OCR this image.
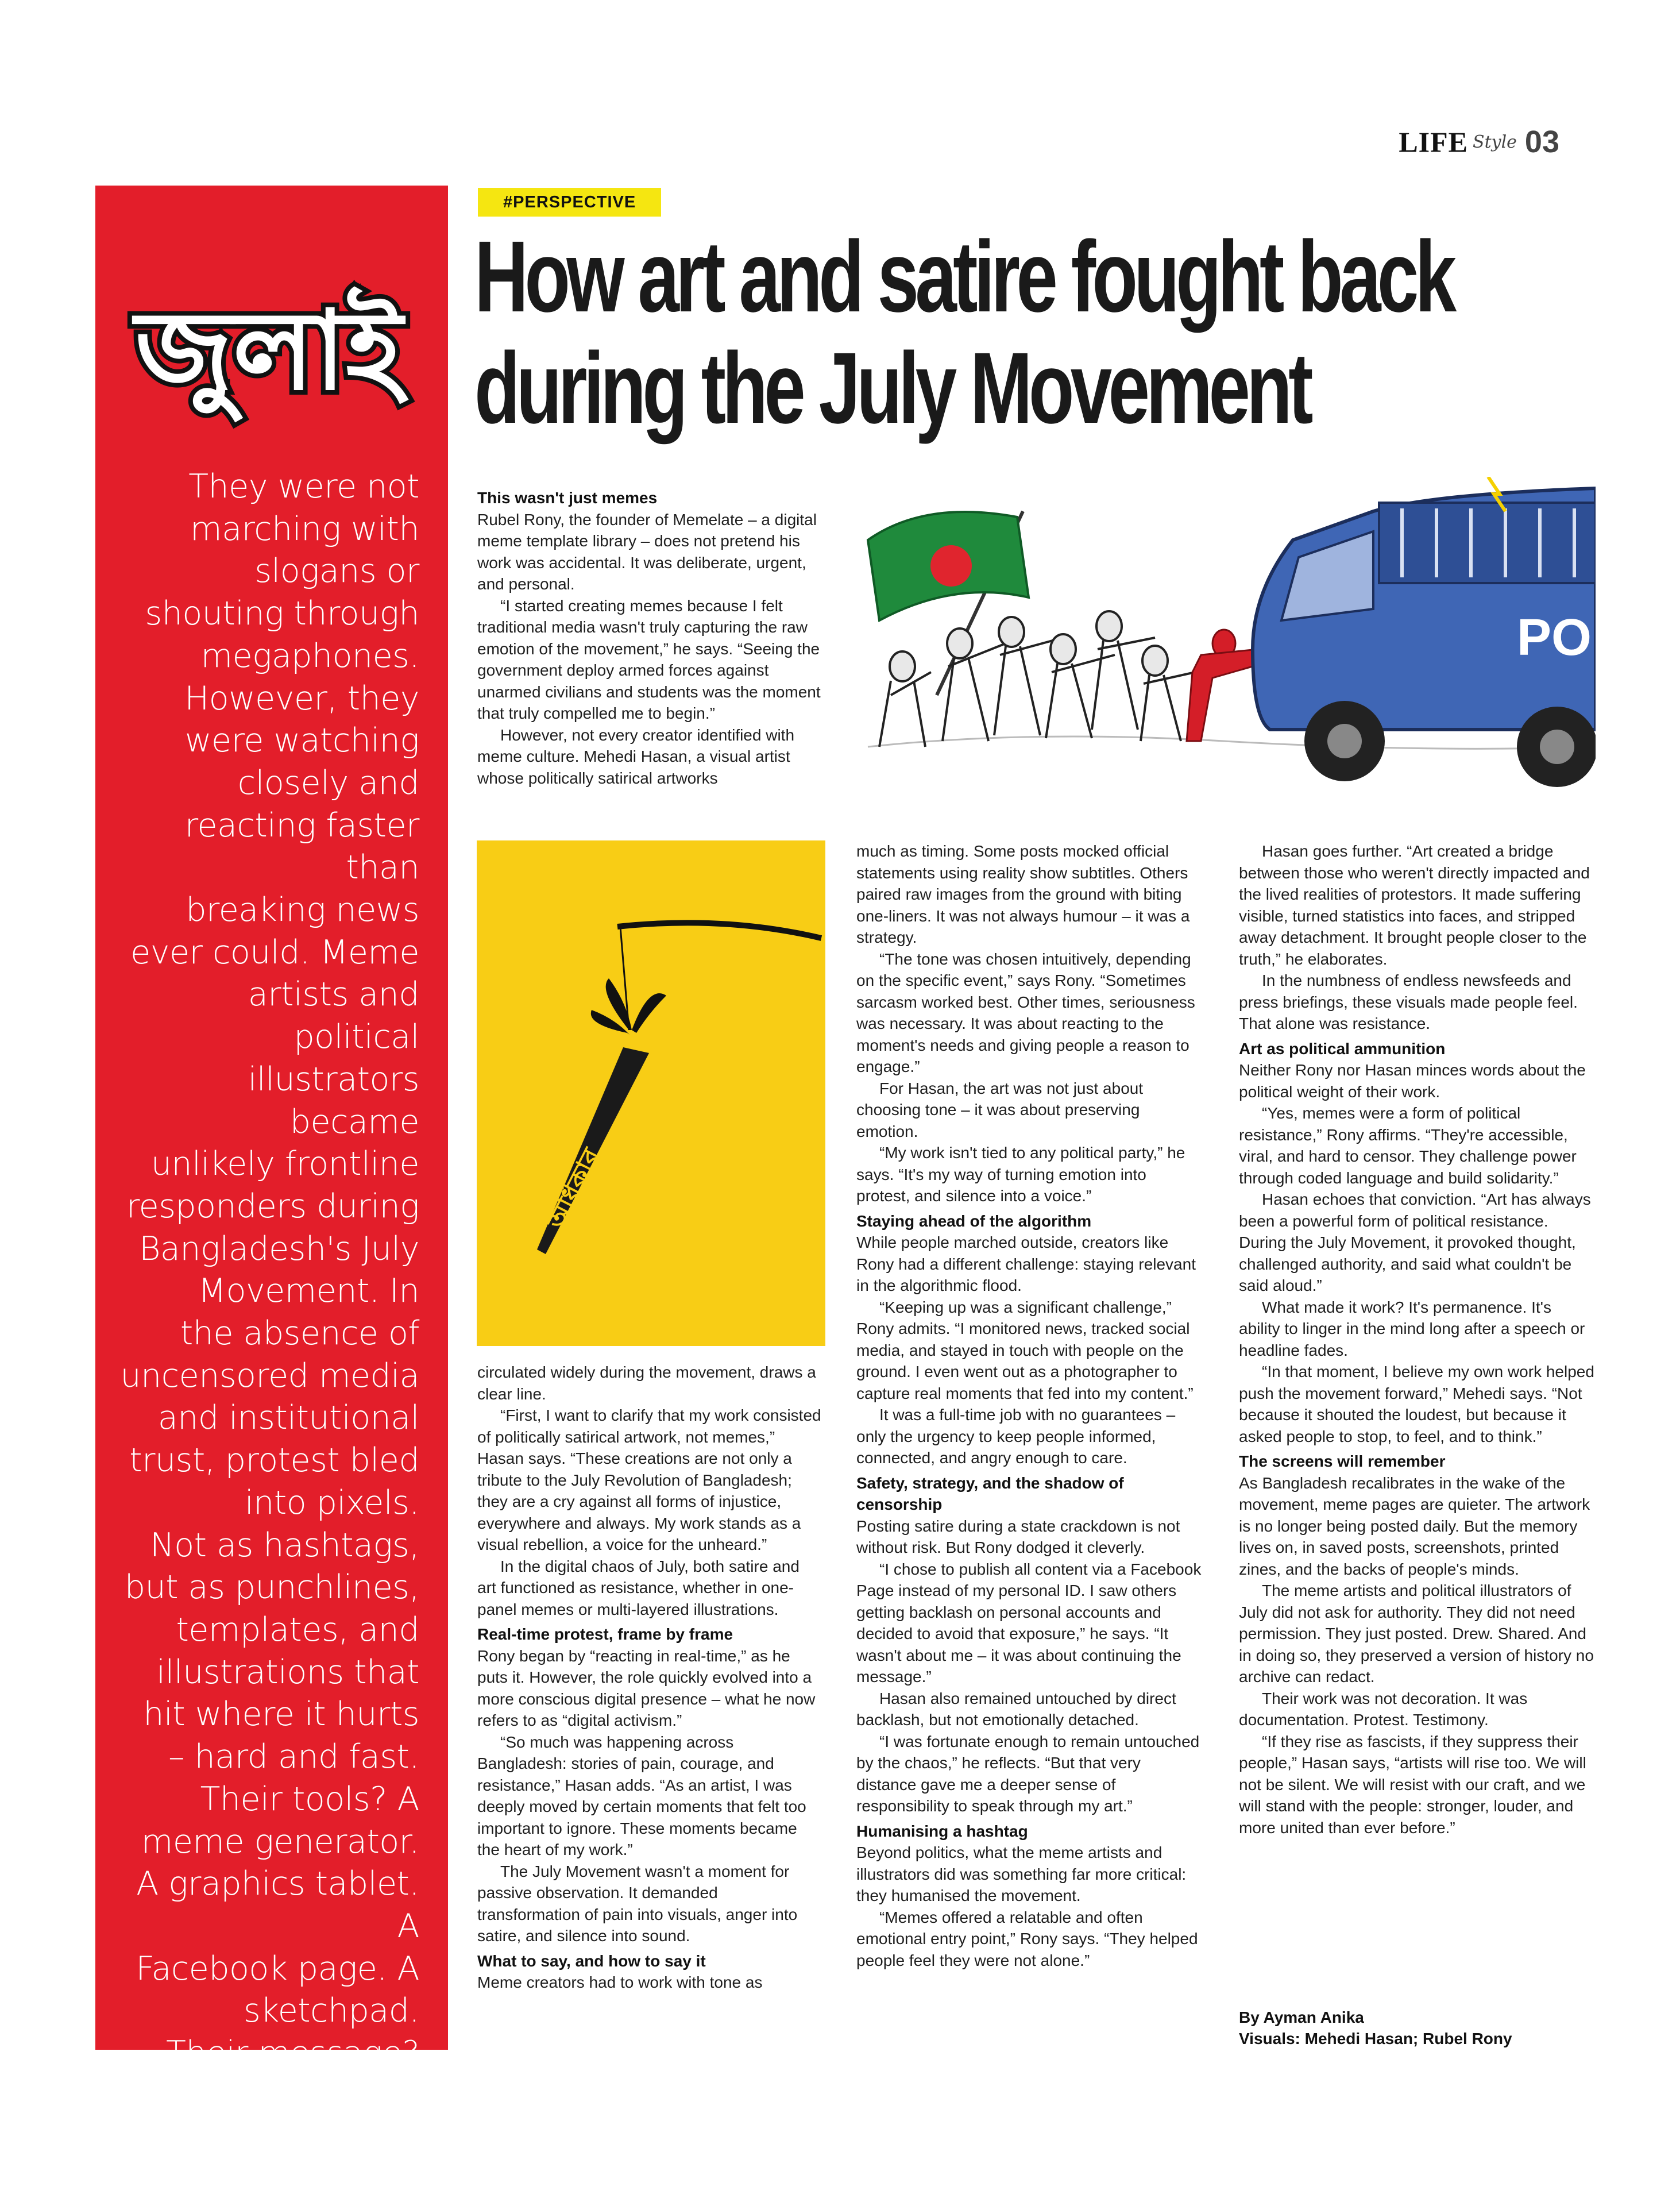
LIFE Style 03
জুলাই
They were not
marching with
slogans or
shouting through
megaphones.
However, they
were watching
closely and
reacting faster than
breaking news
ever could. Meme
artists and political
illustrators became
unlikely frontline
responders during
Bangladesh's July
Movement. In
the absence of
uncensored media
and institutional
trust, protest bled
into pixels.
Not as hashtags,
but as punchlines,
templates, and
illustrations that
hit where it hurts
– hard and fast.
Their tools? A
meme generator.
A graphics tablet. A
Facebook page. A
sketchpad.
Their message?
We see you. And
we're not laughing
with you.
#PERSPECTIVE
How art and satire fought back
during the July Movement
PO
অধিকার
This wasn't just memes

Rubel Rony, the founder of Memelate – a digital meme template library – does not pretend his work was accidental. It was deliberate, urgent, and personal.

“I started creating memes because I felt traditional media wasn't truly capturing the raw emotion of the movement,” he says. “Seeing the government deploy armed forces against unarmed civilians and students was the moment that truly compelled me to begin.”

However, not every creator identified with meme culture. Mehedi Hasan, a visual artist whose politically satirical artworks

circulated widely during the movement, draws a clear line.

“First, I want to clarify that my work consisted of politically satirical artwork, not memes,” Hasan says. “These creations are not only a tribute to the July Revolution of Bangladesh; they are a cry against all forms of injustice, everywhere and always. My work stands as a visual rebellion, a voice for the unheard.”

In the digital chaos of July, both satire and art functioned as resistance, whether in one-panel memes or multi-layered illustrations.

Real-time protest, frame by frame

Rony began by “reacting in real-time,” as he puts it. However, the role quickly evolved into a more conscious digital presence – what he now refers to as “digital activism.”

“So much was happening across Bangladesh: stories of pain, courage, and resistance,” Hasan adds. “As an artist, I was deeply moved by certain moments that felt too important to ignore. These moments became the heart of my work.”

The July Movement wasn't a moment for passive observation. It demanded transformation of pain into visuals, anger into satire, and silence into sound.

What to say, and how to say it

Meme creators had to work with tone as

much as timing. Some posts mocked official statements using reality show subtitles. Others paired raw images from the ground with biting one-liners. It was not always humour – it was a strategy.

“The tone was chosen intuitively, depending on the specific event,” says Rony. “Sometimes sarcasm worked best. Other times, seriousness was necessary. It was about reacting to the moment's needs and giving people a reason to engage.”

For Hasan, the art was not just about choosing tone – it was about preserving emotion.

“My work isn't tied to any political party,” he says. “It's my way of turning emotion into protest, and silence into a voice.”

Staying ahead of the algorithm

While people marched outside, creators like Rony had a different challenge: staying relevant in the algorithmic flood.

“Keeping up was a significant challenge,” Rony admits. “I monitored news, tracked social media, and stayed in touch with people on the ground. I even went out as a photographer to capture real moments that fed into my content.”

It was a full-time job with no guarantees – only the urgency to keep people informed, connected, and angry enough to care.

Safety, strategy, and the shadow of censorship

Posting satire during a state crackdown is not without risk. But Rony dodged it cleverly.

“I chose to publish all content via a Facebook Page instead of my personal ID. I saw others getting backlash on personal accounts and decided to avoid that exposure,” he says. “It wasn't about me – it was about continuing the message.”

Hasan also remained untouched by direct backlash, but not emotionally detached.

“I was fortunate enough to remain untouched by the chaos,” he reflects. “But that very distance gave me a deeper sense of responsibility to speak through my art.”

Humanising a hashtag

Beyond politics, what the meme artists and illustrators did was something far more critical: they humanised the movement.

“Memes offered a relatable and often emotional entry point,” Rony says. “They helped people feel they were not alone.”

Hasan goes further. “Art created a bridge between those who weren't directly impacted and the lived realities of protestors. It made suffering visible, turned statistics into faces, and stripped away detachment. It brought people closer to the truth,” he elaborates.

In the numbness of endless newsfeeds and press briefings, these visuals made people feel. That alone was resistance.

Art as political ammunition

Neither Rony nor Hasan minces words about the political weight of their work.

“Yes, memes were a form of political resistance,” Rony affirms. “They're accessible, viral, and hard to censor. They challenge power through coded language and build solidarity.”

Hasan echoes that conviction. “Art has always been a powerful form of political resistance. During the July Movement, it provoked thought, challenged authority, and said what couldn't be said aloud.”

What made it work? It's permanence. It's ability to linger in the mind long after a speech or headline fades.

“In that moment, I believe my own work helped push the movement forward,” Mehedi says. “Not because it shouted the loudest, but because it asked people to stop, to feel, and to think.”

The screens will remember

As Bangladesh recalibrates in the wake of the movement, meme pages are quieter. The artwork is no longer being posted daily. But the memory lives on, in saved posts, screenshots, printed zines, and the backs of people's minds.

The meme artists and political illustrators of July did not ask for authority. They did not need permission. They just posted. Drew. Shared. And in doing so, they preserved a version of history no archive can redact.

Their work was not decoration. It was documentation. Protest. Testimony.

“If they rise as fascists, if they suppress their people,” Hasan says, “artists will rise too. We will not be silent. We will resist with our craft, and we will stand with the people: stronger, louder, and more united than ever before.”

By Ayman Anika
Visuals: Mehedi Hasan; Rubel Rony
